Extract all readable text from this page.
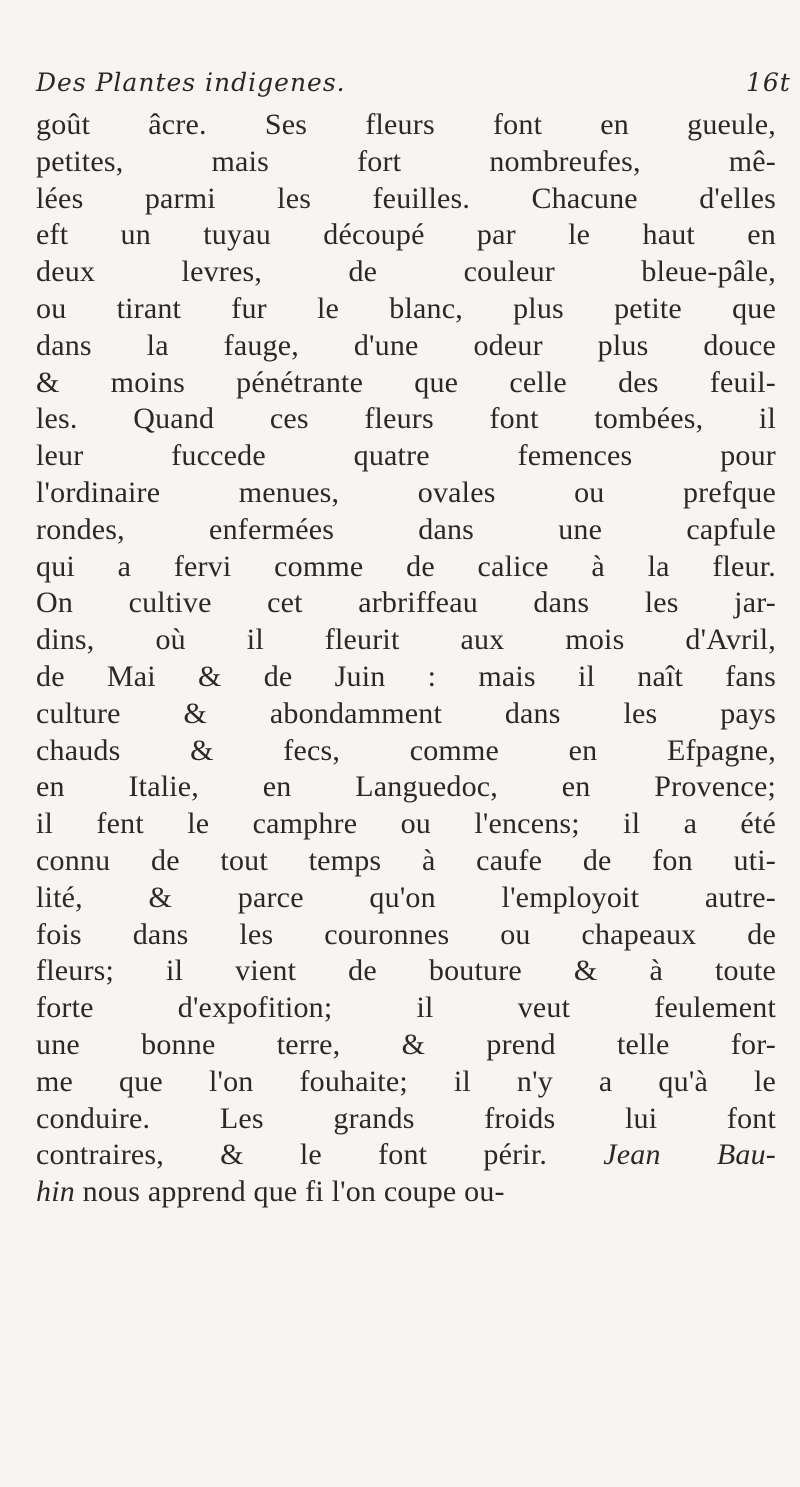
Des Plantes indigenes.	16t
goût âcre. Ses fleurs font en gueule,
petites, mais fort nombreufes, mê-
lées parmi les feuilles. Chacune d'elles
eft un tuyau découpé par le haut en
deux levres, de couleur bleue-pâle,
ou tirant fur le blanc, plus petite que
dans la fauge, d'une odeur plus douce
& moins pénétrante que celle des feuil-
les. Quand ces fleurs font tombées, il
leur fuccede quatre femences pour
l'ordinaire menues, ovales ou prefque
rondes, enfermées dans une capfule
qui a fervi comme de calice à la fleur.
On cultive cet arbriffeau dans les jar-
dins, où il fleurit aux mois d'Avril,
de Mai & de Juin : mais il naît fans
culture & abondamment dans les pays
chauds & fecs, comme en Efpagne,
en Italie, en Languedoc, en Provence;
il fent le camphre ou l'encens; il a été
connu de tout temps à caufe de fon uti-
lité, & parce qu'on l'employoit autre-
fois dans les couronnes ou chapeaux de
fleurs; il vient de bouture & à toute
forte d'expofition; il veut feulement
une bonne terre, & prend telle for-
me que l'on fouhaite; il n'y a qu'à le
conduire. Les grands froids lui font
contraires, & le font périr. Jean Bau-
hin nous apprend que fi l'on coupe ou-
